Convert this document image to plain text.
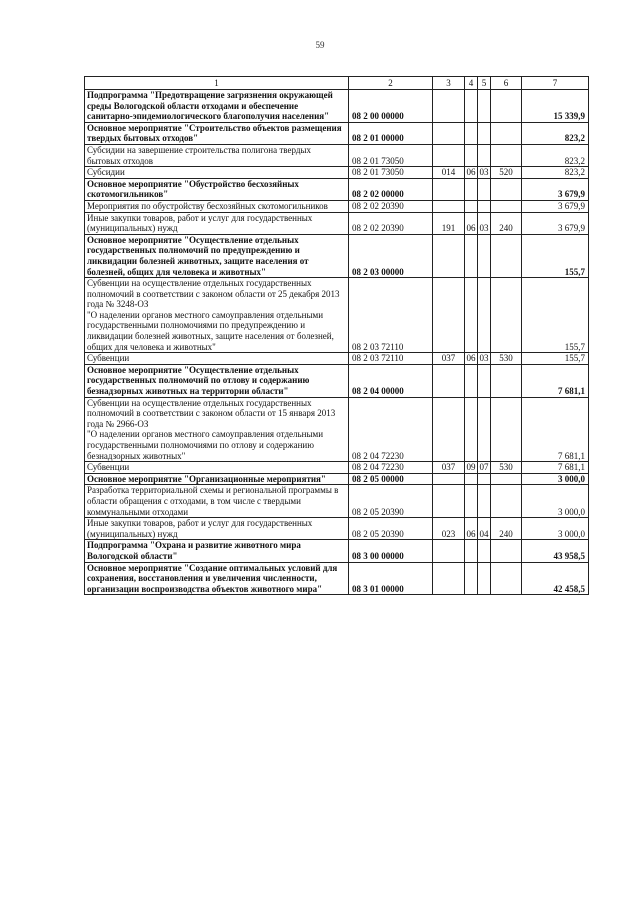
59
1	2	3	4	5	6	7
Подпрограмма "Предотвращение загрязнения окружающей среды Вологодской области отходами и обеспечение санитарно-эпидемиологического благополучия населения"	08 2 00 00000					15 339,9
Основное мероприятие "Строительство объектов размещения твердых бытовых отходов"	08 2 01 00000					823,2
Субсидии на завершение строительства полигона твердых бытовых отходов	08 2 01 73050					823,2
Субсидии	08 2 01 73050	014	06	03	520	823,2
Основное мероприятие "Обустройство бесхозяйных скотомогильников"	08 2 02 00000					3 679,9
Мероприятия по обустройству бесхозяйных скотомогильников	08 2 02 20390					3 679,9
Иные закупки товаров, работ и услуг для государственных (муниципальных) нужд	08 2 02 20390	191	06	03	240	3 679,9
Основное мероприятие "Осуществление отдельных государственных полномочий по предупреждению и ликвидации болезней животных, защите населения от болезней, общих для человека и животных"	08 2 03 00000					155,7
Субвенции на осуществление отдельных государственных полномочий в соответствии с законом области от 25 декабря 2013 года № 3248-ОЗ
"О наделении органов местного самоуправления отдельными государственными полномочиями по предупреждению и ликвидации болезней животных, защите населения от болезней, общих для человека и животных"	08 2 03 72110					155,7
Субвенции	08 2 03 72110	037	06	03	530	155,7
Основное мероприятие "Осуществление отдельных государственных полномочий по отлову и содержанию безнадзорных животных на территории области"	08 2 04 00000					7 681,1
Субвенции на осуществление отдельных государственных полномочий в соответствии с законом области от 15 января 2013 года № 2966-ОЗ
"О наделении органов местного самоуправления отдельными государственными полномочиями по отлову и содержанию безнадзорных животных"	08 2 04 72230					7 681,1
Субвенции	08 2 04 72230	037	09	07	530	7 681,1
Основное мероприятие "Организационные мероприятия"	08 2 05 00000					3 000,0
Разработка территориальной схемы и региональной программы в области обращения с отходами, в том числе с твердыми коммунальными отходами	08 2 05 20390					3 000,0
Иные закупки товаров, работ и услуг для государственных (муниципальных) нужд	08 2 05 20390	023	06	04	240	3 000,0
Подпрограмма "Охрана и развитие животного мира Вологодской области"	08 3 00 00000					43 958,5
Основное мероприятие "Создание оптимальных условий для сохранения, восстановления и увеличения численности, организации воспроизводства объектов животного мира"	08 3 01 00000					42 458,5
